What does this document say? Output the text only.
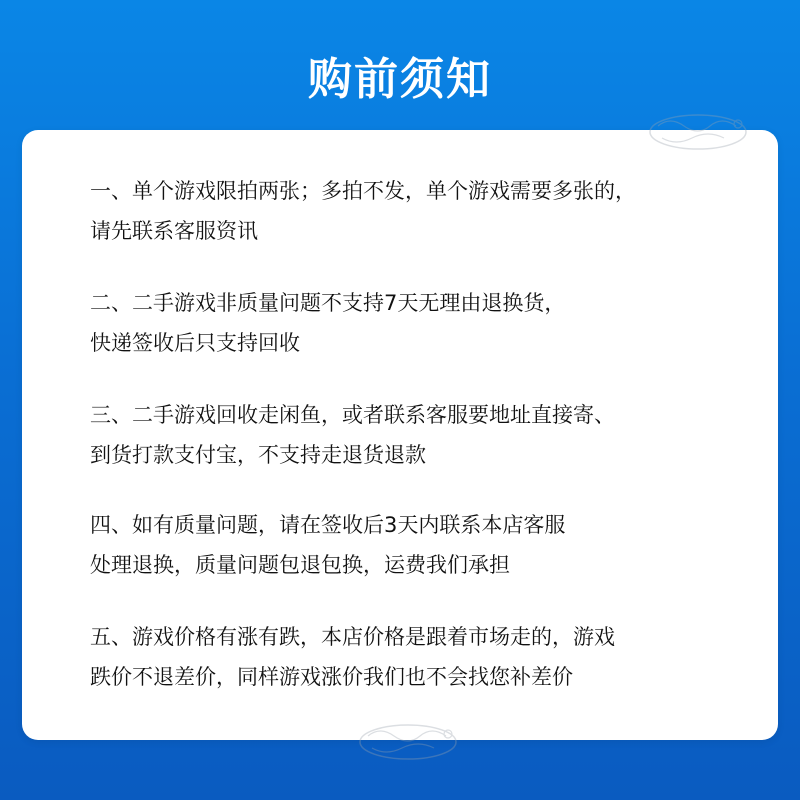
购前须知
一、单个游戏限拍两张；多拍不发，单个游戏需要多张的，
请先联系客服资讯
二、二手游戏非质量问题不支持7天无理由退换货，
快递签收后只支持回收
三、二手游戏回收走闲鱼，或者联系客服要地址直接寄、
到货打款支付宝，不支持走退货退款
四、如有质量问题，请在签收后3天内联系本店客服
处理退换，质量问题包退包换，运费我们承担
五、游戏价格有涨有跌，本店价格是跟着市场走的，游戏
跌价不退差价，同样游戏涨价我们也不会找您补差价
